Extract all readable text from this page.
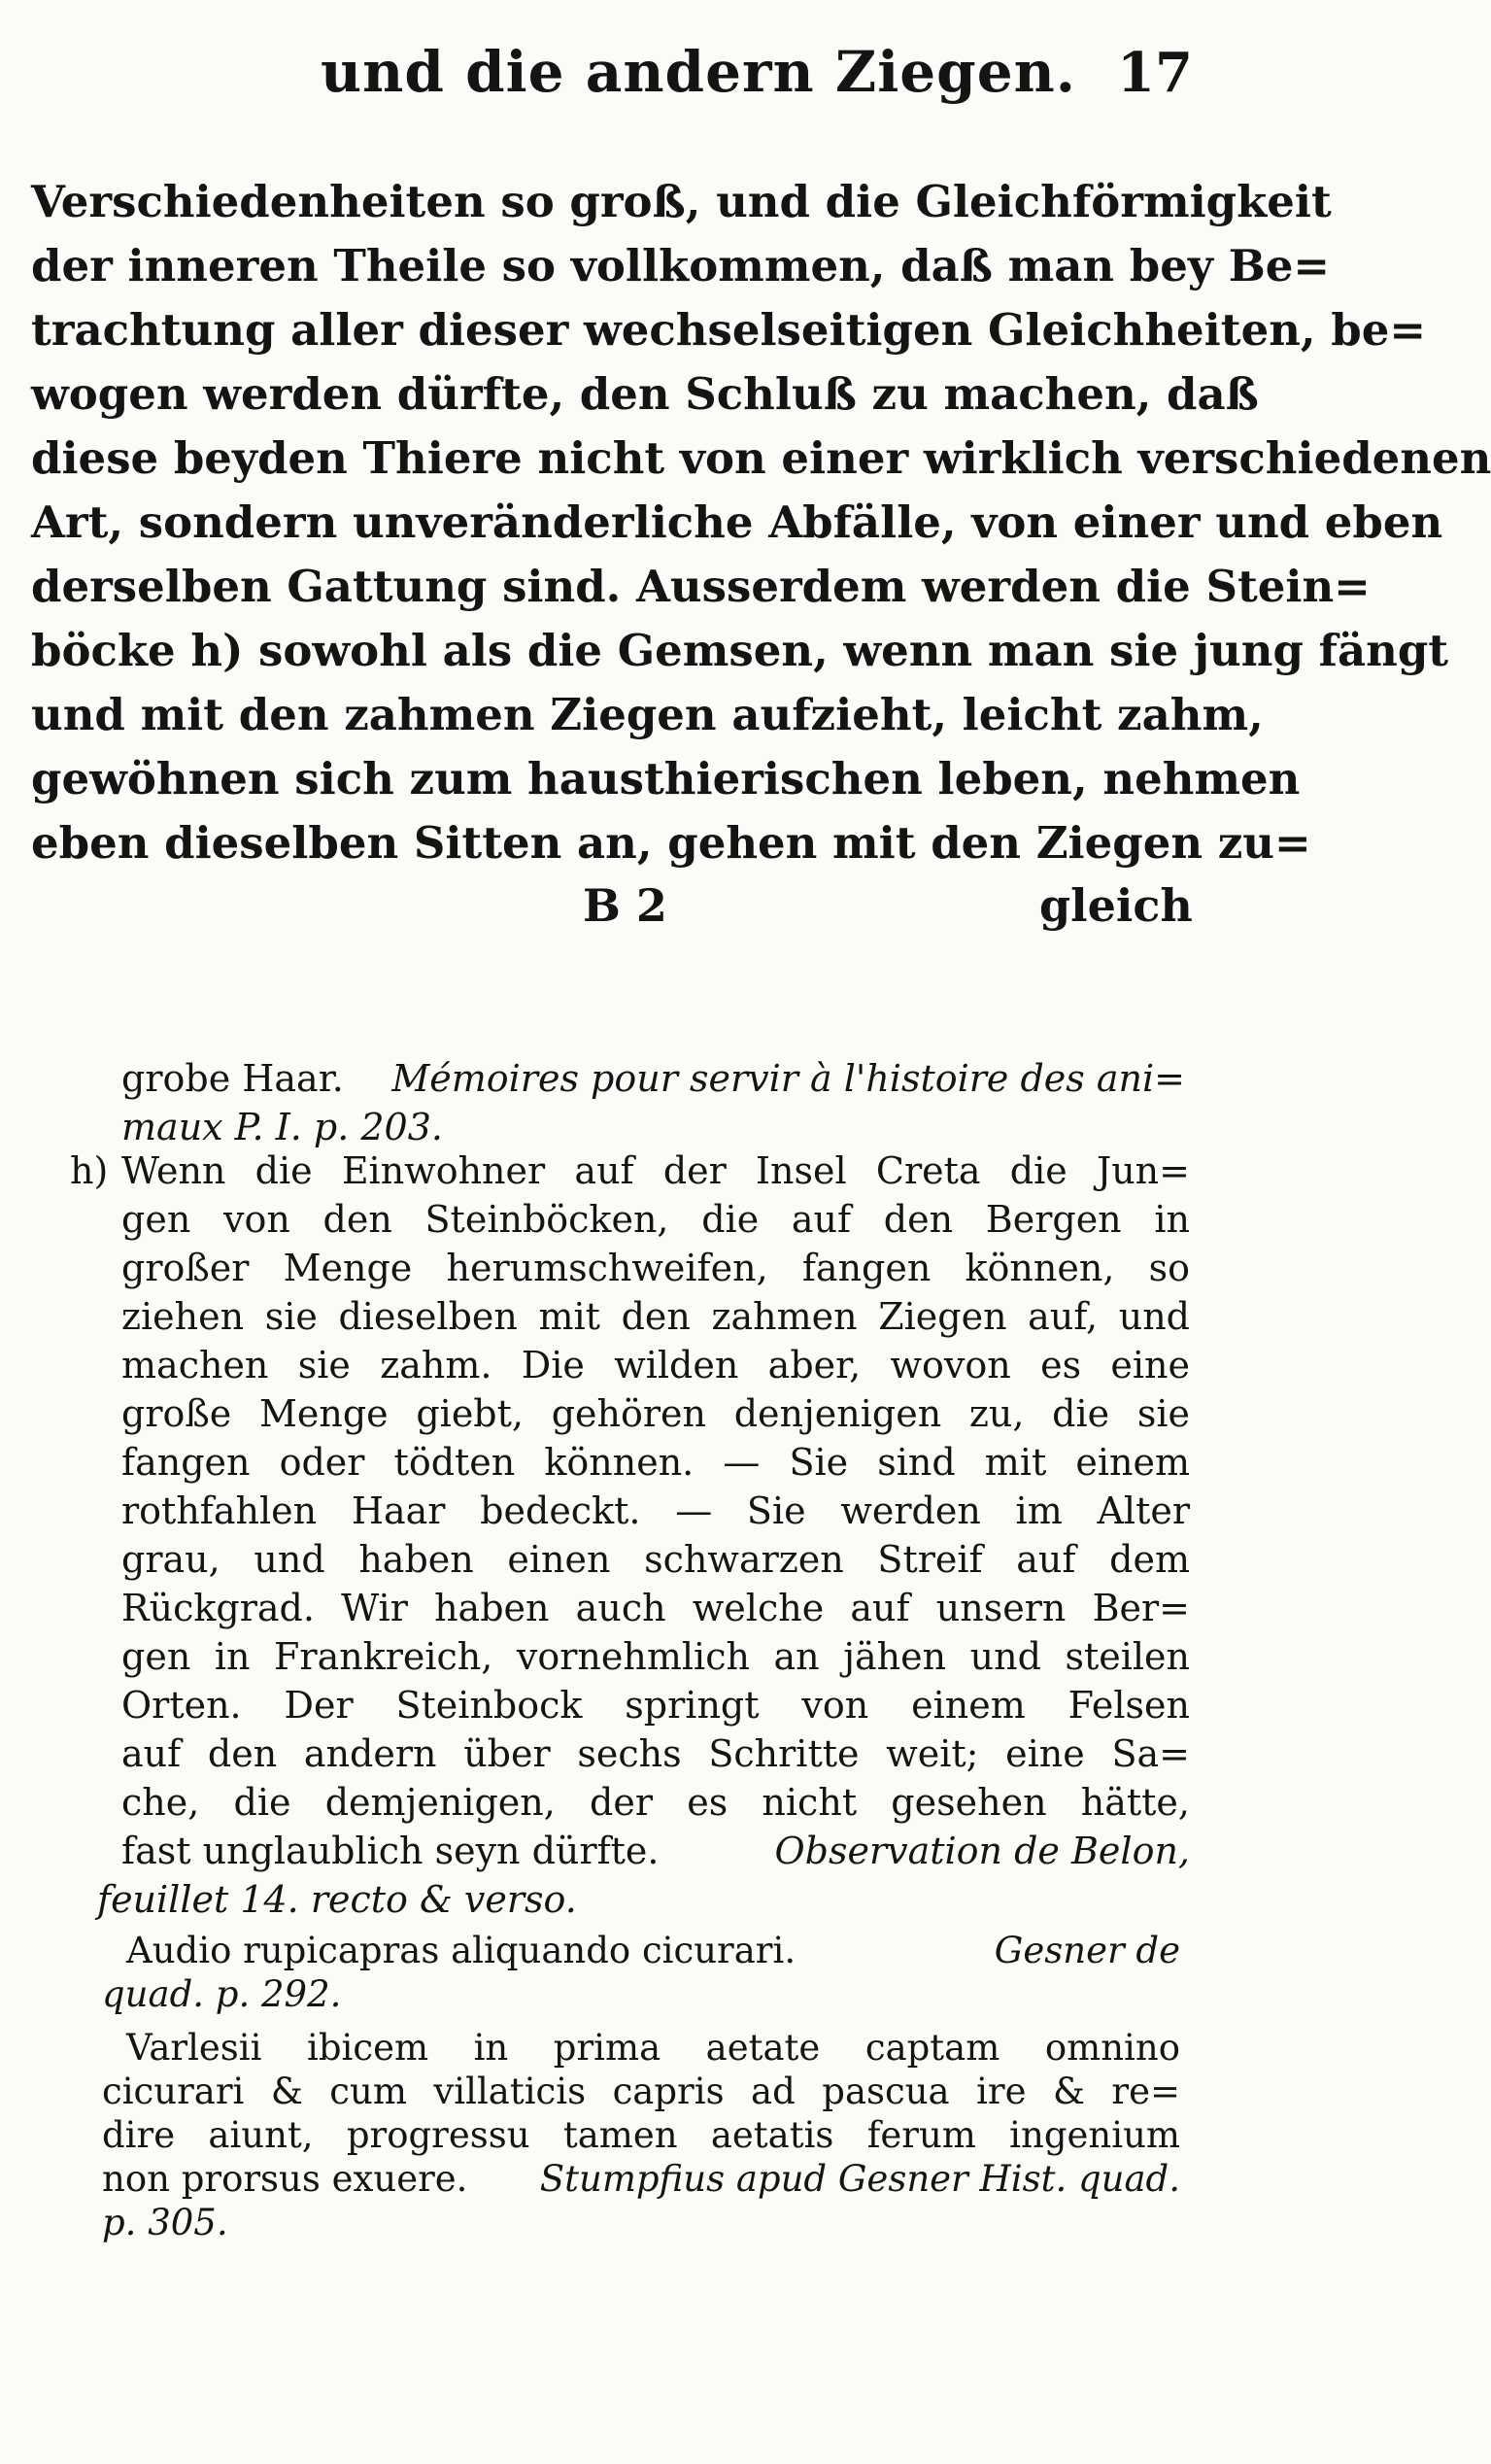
und die andern Ziegen. 17
Verschiedenheiten so groß, und die Gleichförmigkeit
der inneren Theile so vollkommen, daß man bey Be=
trachtung aller dieser wechselseitigen Gleichheiten, be=
wogen werden dürfte, den Schluß zu machen, daß
diese beyden Thiere nicht von einer wirklich verschiedenen
Art, sondern unveränderliche Abfälle, von einer und eben
derselben Gattung sind. Ausserdem werden die Stein=
böcke h) sowohl als die Gemsen, wenn man sie jung fängt
und mit den zahmen Ziegen aufzieht, leicht zahm,
gewöhnen sich zum hausthierischen leben, nehmen
eben dieselben Sitten an, gehen mit den Ziegen zu=
B 2	gleich
grobe Haar. Mémoires pour servir à l'histoire des ani=
maux P. I. p. 203.
h) Wenn die Einwohner auf der Insel Creta die Jun=
gen von den Steinböcken, die auf den Bergen in
großer Menge herumschweifen, fangen können, so
ziehen sie dieselben mit den zahmen Ziegen auf, und
machen sie zahm. Die wilden aber, wovon es eine
große Menge giebt, gehören denjenigen zu, die sie
fangen oder tödten können. — Sie sind mit einem
rothfahlen Haar bedeckt. — Sie werden im Alter
grau, und haben einen schwarzen Streif auf dem
Rückgrad. Wir haben auch welche auf unsern Ber=
gen in Frankreich, vornehmlich an jähen und steilen
Orten. Der Steinbock springt von einem Felsen
auf den andern über sechs Schritte weit; eine Sa=
che, die demjenigen, der es nicht gesehen hätte,
fast unglaublich seyn dürfte.	Observation de Belon,
feuillet 14. recto & verso.
Audio rupicapras aliquando cicurari.	Gesner de
quad. p. 292.
Varlesii ibicem in prima aetate captam omnino
cicurari & cum villaticis capris ad pascua ire & re=
dire aiunt, progressu tamen aetatis ferum ingenium
non prorsus exuere. Stumpfius apud Gesner Hist. quad.
p. 305.
